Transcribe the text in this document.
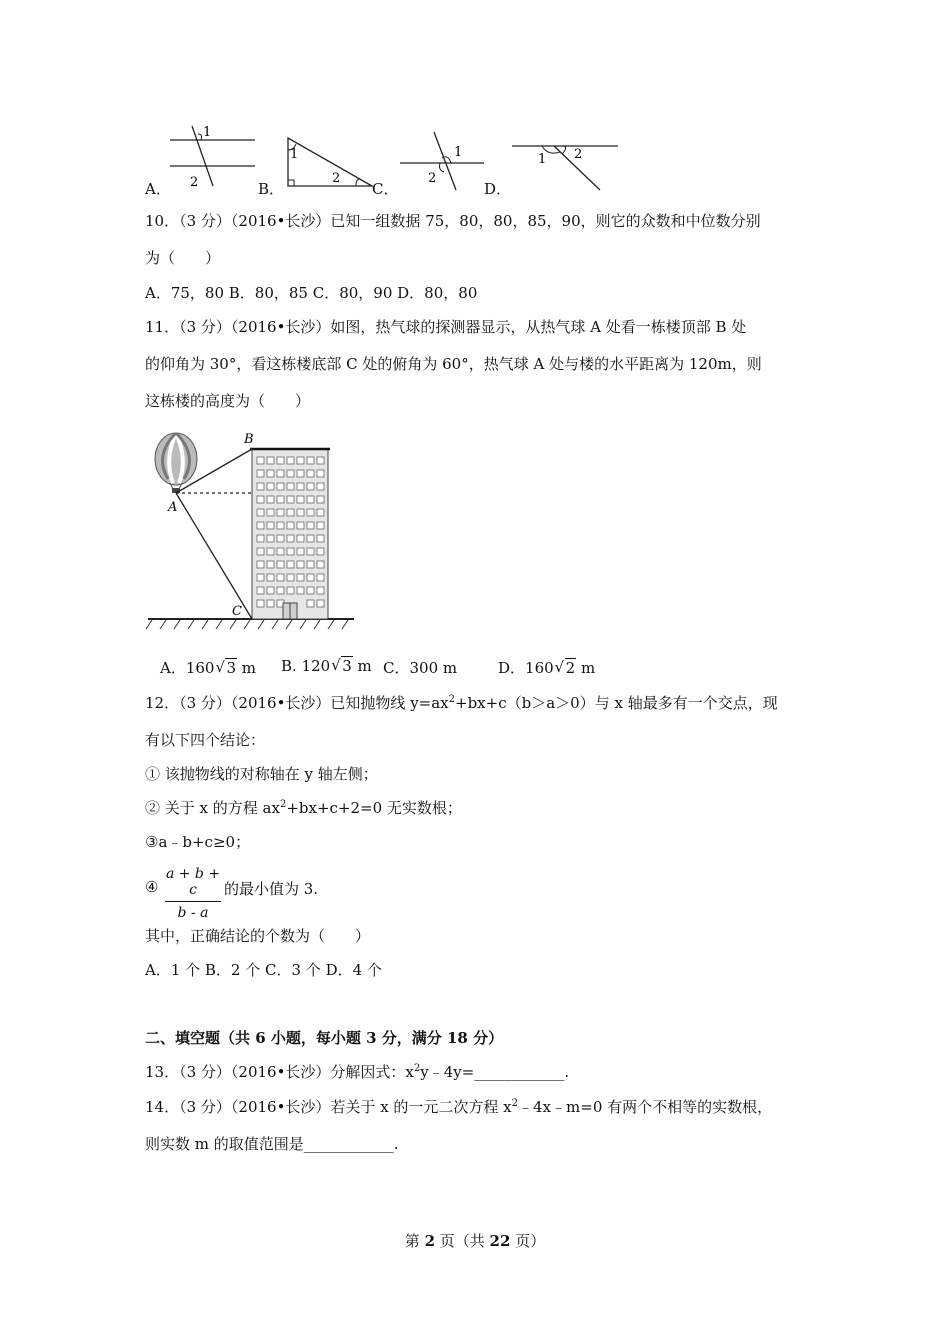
A．
1
2	B．
1
2
C．
1
2
D．
1 2
10．（3 分）（2016•长沙）已知一组数据 75，80，80，85，90，则它的众数和中位数分别
为（　　）
A．75，80 B．80，85 C．80，90 D．80，80
11．（3 分）（2016•长沙）如图，热气球的探测器显示，从热气球 A 处看一栋楼顶部 B 处
的仰角为 30°，看这栋楼底部 C 处的俯角为 60°，热气球 A 处与楼的水平距离为 120m，则
这栋楼的高度为（　　）
B
A
C
A．160 √ 3 m B. 120 √ 3 m C．300 m	D．160 √ 2 m
12．（3 分）（2016•长沙）已知抛物线 $y=ax^2+bx+c(b>a>0)$与 x 轴最多有一个交点，现
有以下四个结论：
① 该抛物线的对称轴在 y 轴左侧；
② 关于 x 的方程 $ax^2+bx+c+2=0$ 无实数根；
③a﹣b+c≥0；
④ $\frac{a + b + c}{b - a}$ 的最小值为 3.
其中，正确结论的个数为（　　）
A．1 个 B．2 个 C．3 个 D．4 个
二、填空题（共 6 小题，每小题 3 分，满分 18 分）
13．（3 分）（2016•长沙）分解因式：$x^2y﹣4y=\_\_\_\_\_\_\_\_\_\_\_\_$.
14．（3 分）（2016•长沙）若关于 x 的一元二次方程 $x^2﹣4x﹣m=0$ 有两个不相等的实数根，
则实数 m 的取值范围是____________.
第 2 页（共 22 页）
